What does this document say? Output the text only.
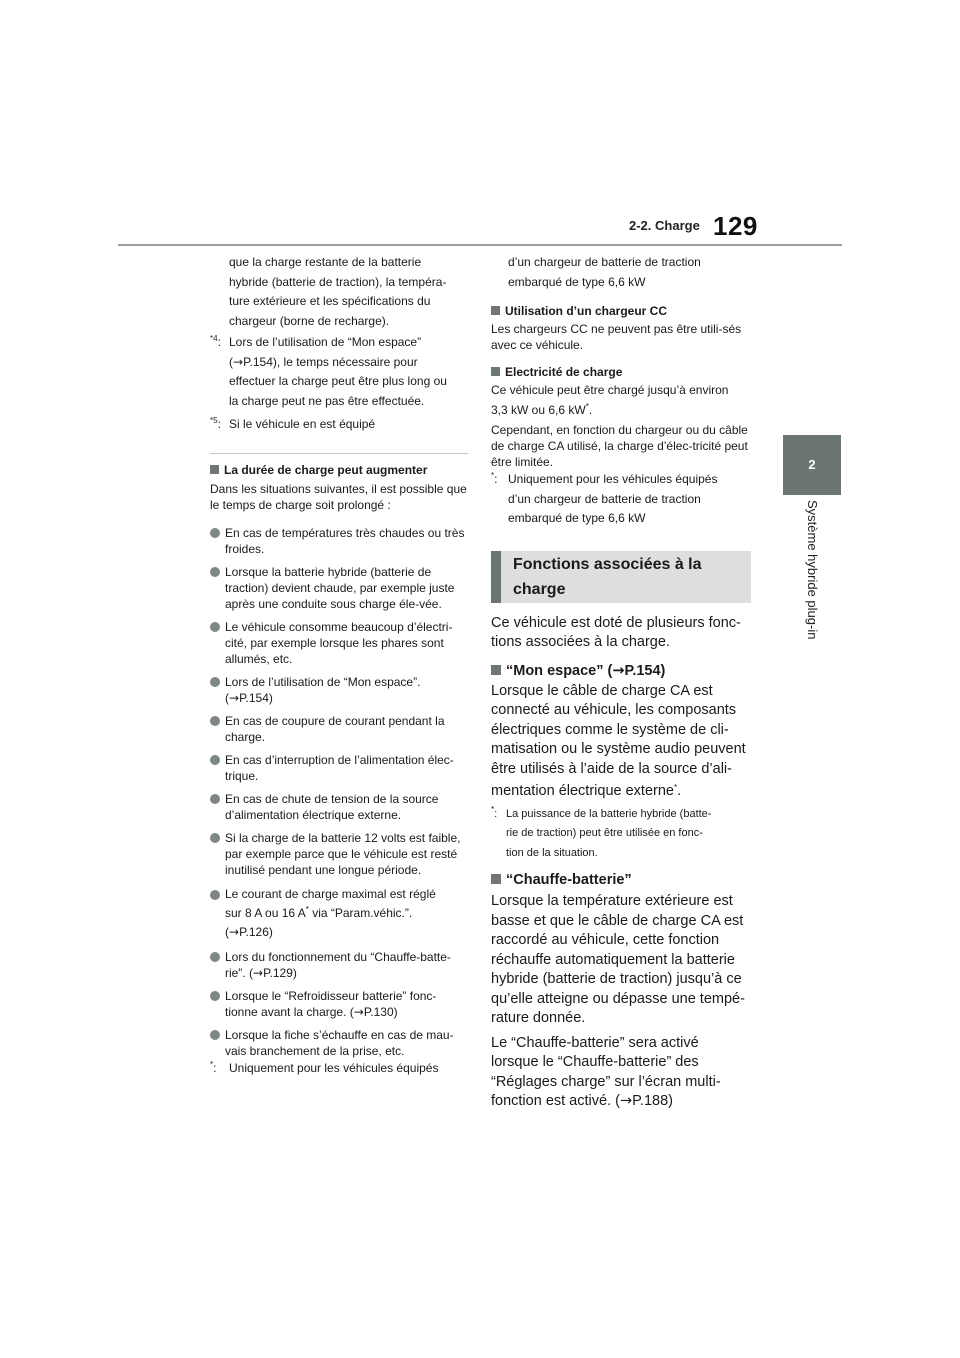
2-2. Charge 129
2
Système hybride plug-in
que la charge restante de la batterie
hybride (batterie de traction), la tempéra-
ture extérieure et les spécifications du
chargeur (borne de recharge).
$^{*4}$: Lors de l’utilisation de “Mon espace”
(→P.154), le temps nécessaire pour
effectuer la charge peut être plus long ou
la charge peut ne pas être effectuée.
$^{*5}$: Si le véhicule en est équipé
La durée de charge peut augmenter
Dans les situations suivantes, il est possible que le temps de charge soit prolongé :
En cas de températures très chaudes ou très froides.
Lorsque la batterie hybride (batterie de traction) devient chaude, par exemple juste après une conduite sous charge éle-vée.
Le véhicule consomme beaucoup d’électri-cité, par exemple lorsque les phares sont allumés, etc.
Lors de l’utilisation de “Mon espace”.
(→P.154)
En cas de coupure de courant pendant la charge.
En cas d’interruption de l’alimentation élec-trique.
En cas de chute de tension de la source d’alimentation électrique externe.
Si la charge de la batterie 12 volts est faible, par exemple parce que le véhicule est resté inutilisé pendant une longue période.
Le courant de charge maximal est réglé
sur 8 A ou 16 A* via “Param.véhic.”.
(→P.126)
Lors du fonctionnement du “Chauffe-batte-rie”. (→P.129)
Lorsque le “Refroidisseur batterie” fonc-tionne avant la charge. (→P.130)
Lorsque la fiche s’échauffe en cas de mau-vais branchement de la prise, etc.
*: Uniquement pour les véhicules équipés
d’un chargeur de batterie de traction
embarqué de type 6,6 kW
Utilisation d’un chargeur CC
Les chargeurs CC ne peuvent pas être utili-sés avec ce véhicule.
Electricité de charge
Ce véhicule peut être chargé jusqu’à environ
3,3 kW ou 6,6 kW*.
Cependant, en fonction du chargeur ou du câble de charge CA utilisé, la charge d’élec-tricité peut être limitée.
*: Uniquement pour les véhicules équipés
d’un chargeur de batterie de traction
embarqué de type 6,6 kW
Fonctions associées à la
charge
Ce véhicule est doté de plusieurs fonc-
tions associées à la charge.
“Mon espace” (→P.154)
Lorsque le câble de charge CA est
connecté au véhicule, les composants
électriques comme le système de cli-
matisation ou le système audio peuvent
être utilisés à l’aide de la source d’ali-
mentation électrique externe*.
*: La puissance de la batterie hybride (batte-
rie de traction) peut être utilisée en fonc-
tion de la situation.
“Chauffe-batterie”
Lorsque la température extérieure est
basse et que le câble de charge CA est
raccordé au véhicule, cette fonction
réchauffe automatiquement la batterie
hybride (batterie de traction) jusqu’à ce
qu’elle atteigne ou dépasse une tempé-
rature donnée.
Le “Chauffe-batterie” sera activé
lorsque le “Chauffe-batterie” des
“Réglages charge” sur l’écran multi-
fonction est activé. (→P.188)
